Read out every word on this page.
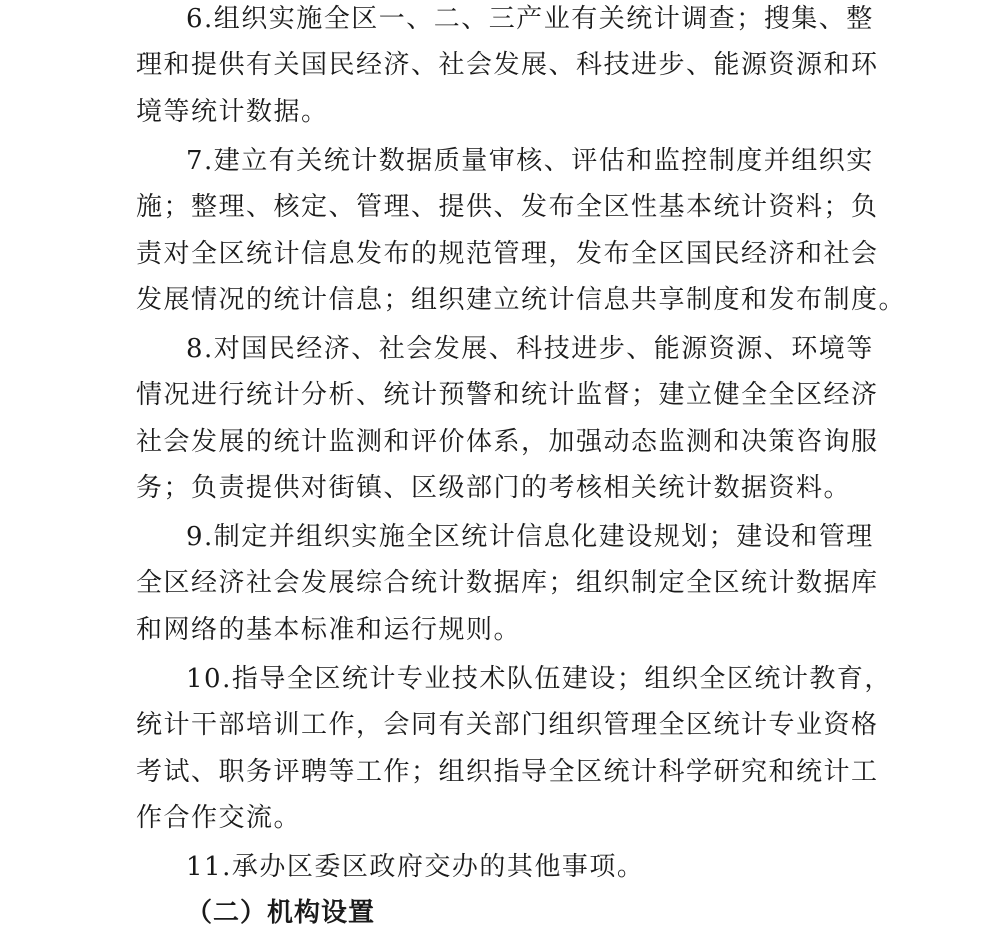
6.组织实施全区一、二、三产业有关统计调查；搜集、整
理和提供有关国民经济、社会发展、科技进步、能源资源和环
境等统计数据。
7.建立有关统计数据质量审核、评估和监控制度并组织实
施；整理、核定、管理、提供、发布全区性基本统计资料；负
责对全区统计信息发布的规范管理，发布全区国民经济和社会
发展情况的统计信息；组织建立统计信息共享制度和发布制度。
8.对国民经济、社会发展、科技进步、能源资源、环境等
情况进行统计分析、统计预警和统计监督；建立健全全区经济
社会发展的统计监测和评价体系，加强动态监测和决策咨询服
务；负责提供对街镇、区级部门的考核相关统计数据资料。
9.制定并组织实施全区统计信息化建设规划；建设和管理
全区经济社会发展综合统计数据库；组织制定全区统计数据库
和网络的基本标准和运行规则。
10.指导全区统计专业技术队伍建设；组织全区统计教育，
统计干部培训工作，会同有关部门组织管理全区统计专业资格
考试、职务评聘等工作；组织指导全区统计科学研究和统计工
作合作交流。
11.承办区委区政府交办的其他事项。
（二）机构设置
